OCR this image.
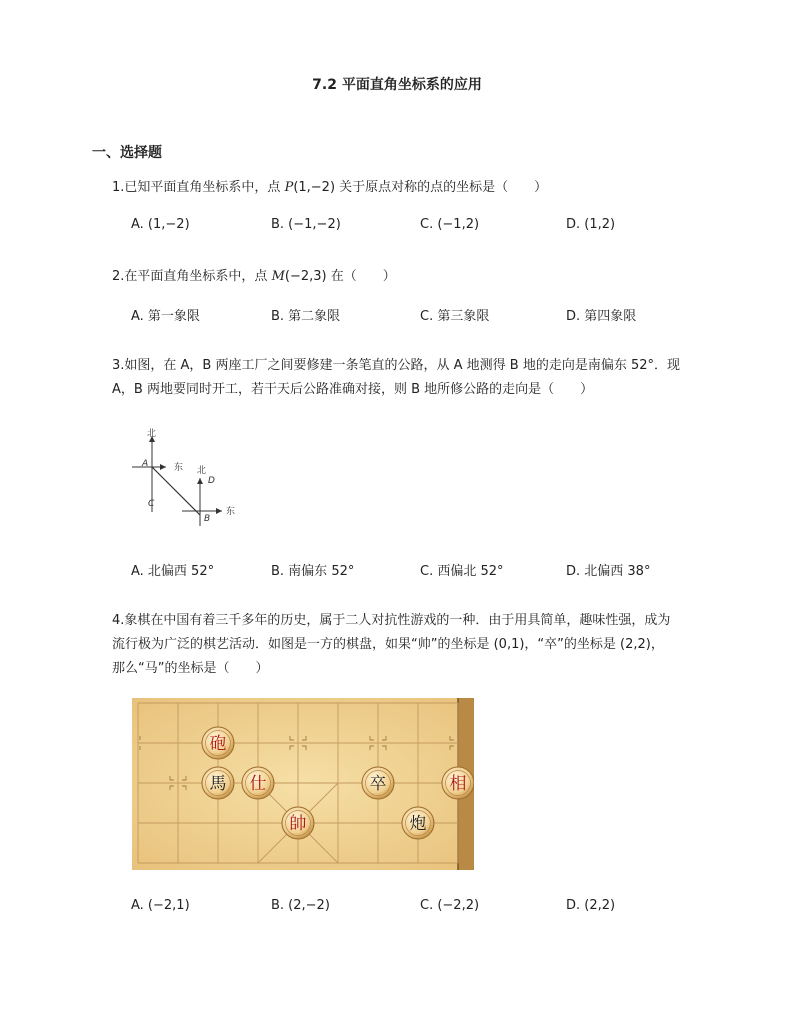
7.2 平面直角坐标系的应用
一、选择题
1.已知平面直角坐标系中，点 P(1,−2) 关于原点对称的点的坐标是（　　）
A. (1,−2)	B. (−1,−2)	C. (−1,2)	D. (1,2)
2.在平面直角坐标系中，点 M(−2,3) 在（　　）
A. 第一象限	B. 第二象限	C. 第三象限	D. 第四象限
3.如图，在 A，B 两座工厂之间要修建一条笔直的公路，从 A 地测得 B 地的走向是南偏东 52°．现
A，B 两地要同时开工，若干天后公路准确对接，则 B 地所修公路的走向是（　　）
北
东
A
C
北
D
B
东
A. 北偏西 52°	B. 南偏东 52°	C. 西偏北 52°	D. 北偏西 38°
4.象棋在中国有着三千多年的历史，属于二人对抗性游戏的一种．由于用具简单，趣味性强，成为
流行极为广泛的棋艺活动．如图是一方的棋盘，如果“帅”的坐标是 (0,1)，“卒”的坐标是 (2,2)，
那么“马”的坐标是（　　）
砲
馬 仕	卒	相
帥	炮
A. (−2,1)	B. (2,−2)	C. (−2,2)	D. (2,2)
